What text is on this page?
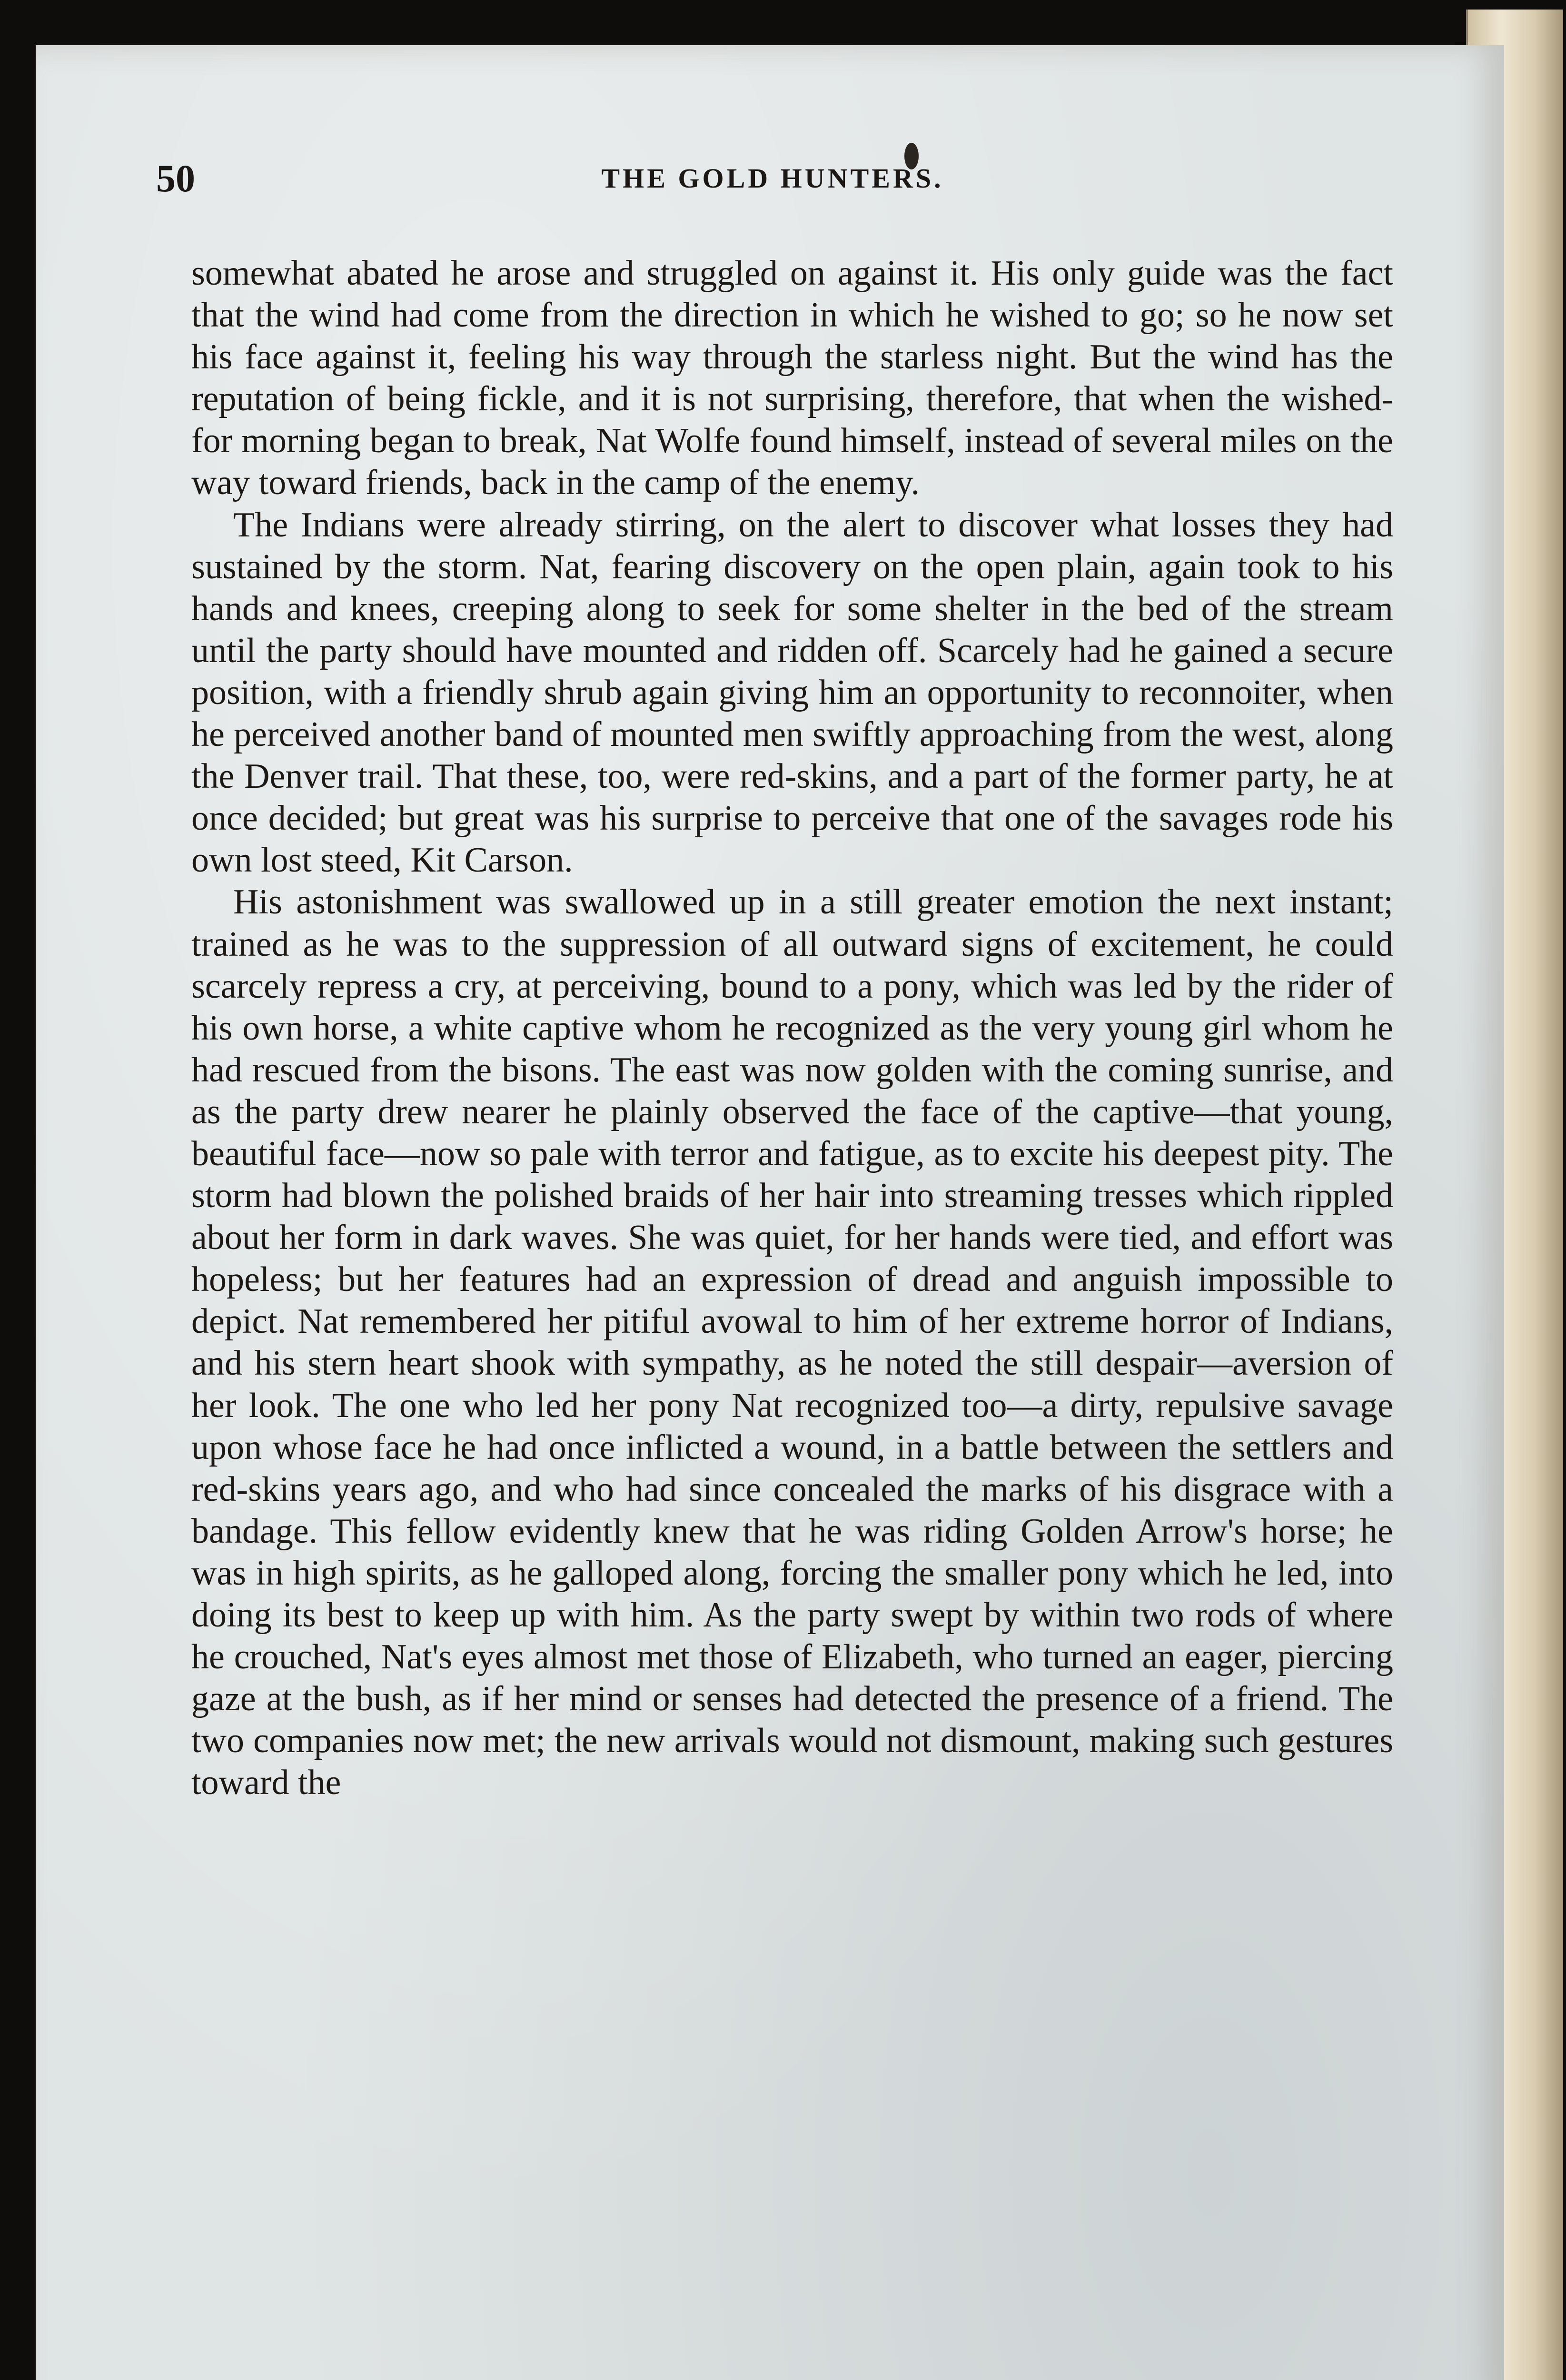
50	THE GOLD HUNTERS.

somewhat abated he arose and struggled on against it. His only guide was the fact that the wind had come from the direction in which he wished to go; so he now set his face against it, feeling his way through the starless night. But the wind has the reputation of being fickle, and it is not surprising, therefore, that when the wished-for morning began to break, Nat Wolfe found himself, instead of several miles on the way toward friends, back in the camp of the enemy.

The Indians were already stirring, on the alert to discover what losses they had sustained by the storm. Nat, fearing discovery on the open plain, again took to his hands and knees, creeping along to seek for some shelter in the bed of the stream until the party should have mounted and ridden off. Scarcely had he gained a secure position, with a friendly shrub again giving him an opportunity to reconnoiter, when he perceived another band of mounted men swiftly approaching from the west, along the Denver trail. That these, too, were red-skins, and a part of the former party, he at once decided; but great was his surprise to perceive that one of the savages rode his own lost steed, Kit Carson.

His astonishment was swallowed up in a still greater emotion the next instant; trained as he was to the suppression of all outward signs of excitement, he could scarcely repress a cry, at perceiving, bound to a pony, which was led by the rider of his own horse, a white captive whom he recognized as the very young girl whom he had rescued from the bisons. The east was now golden with the coming sunrise, and as the party drew nearer he plainly observed the face of the captive—that young, beautiful face—now so pale with terror and fatigue, as to excite his deepest pity. The storm had blown the polished braids of her hair into streaming tresses which rippled about her form in dark waves. She was quiet, for her hands were tied, and effort was hopeless; but her features had an expression of dread and anguish impossible to depict. Nat remembered her pitiful avowal to him of her extreme horror of Indians, and his stern heart shook with sympathy, as he noted the still despair—aversion of her look. The one who led her pony Nat recognized too—a dirty, repulsive savage upon whose face he had once inflicted a wound, in a battle between the settlers and red-skins years ago, and who had since concealed the marks of his disgrace with a bandage. This fellow evidently knew that he was riding Golden Arrow's horse; he was in high spirits, as he galloped along, forcing the smaller pony which he led, into doing its best to keep up with him. As the party swept by within two rods of where he crouched, Nat's eyes almost met those of Elizabeth, who turned an eager, piercing gaze at the bush, as if her mind or senses had detected the presence of a friend. The two companies now met; the new arrivals would not dismount, making such gestures toward the
